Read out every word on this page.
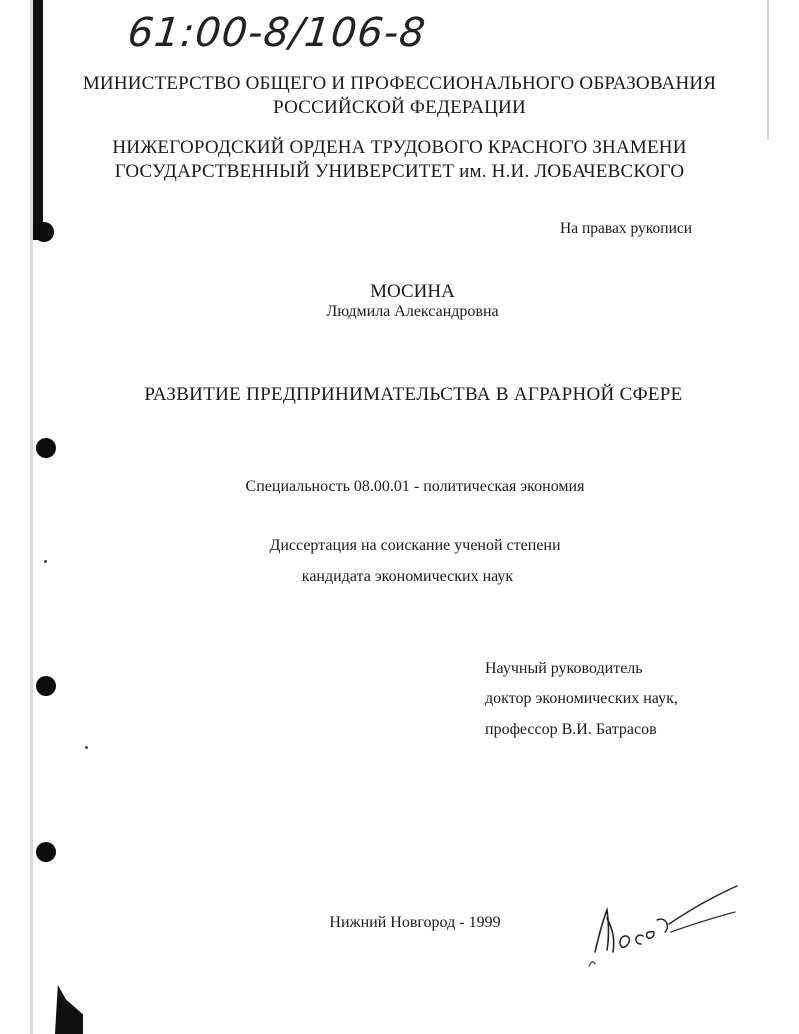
61:00-8/106-8
МИНИСТЕРСТВО ОБЩЕГО И ПРОФЕССИОНАЛЬНОГО ОБРАЗОВАНИЯ
РОССИЙСКОЙ ФЕДЕРАЦИИ
НИЖЕГОРОДСКИЙ ОРДЕНА ТРУДОВОГО КРАСНОГО ЗНАМЕНИ
ГОСУДАРСТВЕННЫЙ УНИВЕРСИТЕТ им. Н.И. ЛОБАЧЕВСКОГО
На правах рукописи
МОСИНА
Людмила Александровна
РАЗВИТИЕ ПРЕДПРИНИМАТЕЛЬСТВА В АГРАРНОЙ СФЕРЕ
Специальность 08.00.01 - политическая экономия
Диссертация на соискание ученой степени
кандидата экономических наук
Научный руководитель
доктор экономических наук,
профессор В.И. Батрасов
Нижний Новгород - 1999
